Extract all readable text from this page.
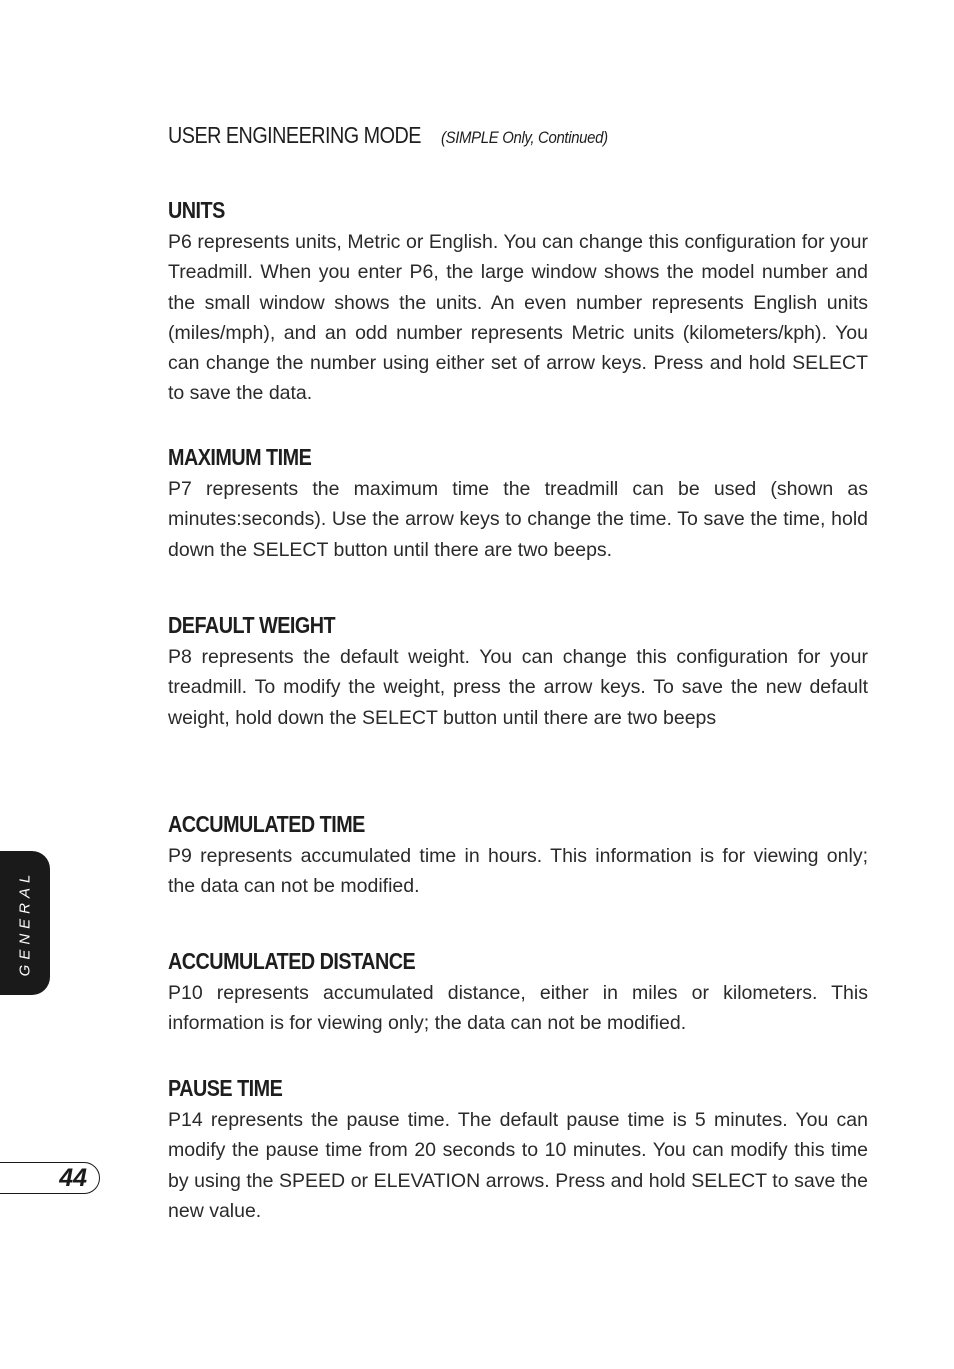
USER ENGINEERING MODE (SIMPLE Only, Continued)
UNITS

P6 represents units, Metric or English. You can change this configuration for your Treadmill. When you enter P6, the large window shows the model number and the small window shows the units. An even number represents English units (miles/mph), and an odd number represents Metric units (kilometers/kph). You can change the number using either set of arrow keys. Press and hold SELECT to save the data.

MAXIMUM TIME

P7 represents the maximum time the treadmill can be used (shown as minutes:seconds). Use the arrow keys to change the time. To save the time, hold down the SELECT button until there are two beeps.

DEFAULT WEIGHT

P8 represents the default weight. You can change this configuration for your treadmill. To modify the weight, press the arrow keys. To save the new default weight, hold down the SELECT button until there are two beeps

ACCUMULATED TIME

P9 represents accumulated time in hours. This information is for viewing only; the data can not be modified.

ACCUMULATED DISTANCE

P10 represents accumulated distance, either in miles or kilometers. This information is for viewing only; the data can not be modified.

PAUSE TIME

P14 represents the pause time. The default pause time is 5 minutes. You can modify the pause time from 20 seconds to 10 minutes. You can modify this time by using the SPEED or ELEVATION arrows. Press and hold SELECT to save the new value.

GENERAL
44
